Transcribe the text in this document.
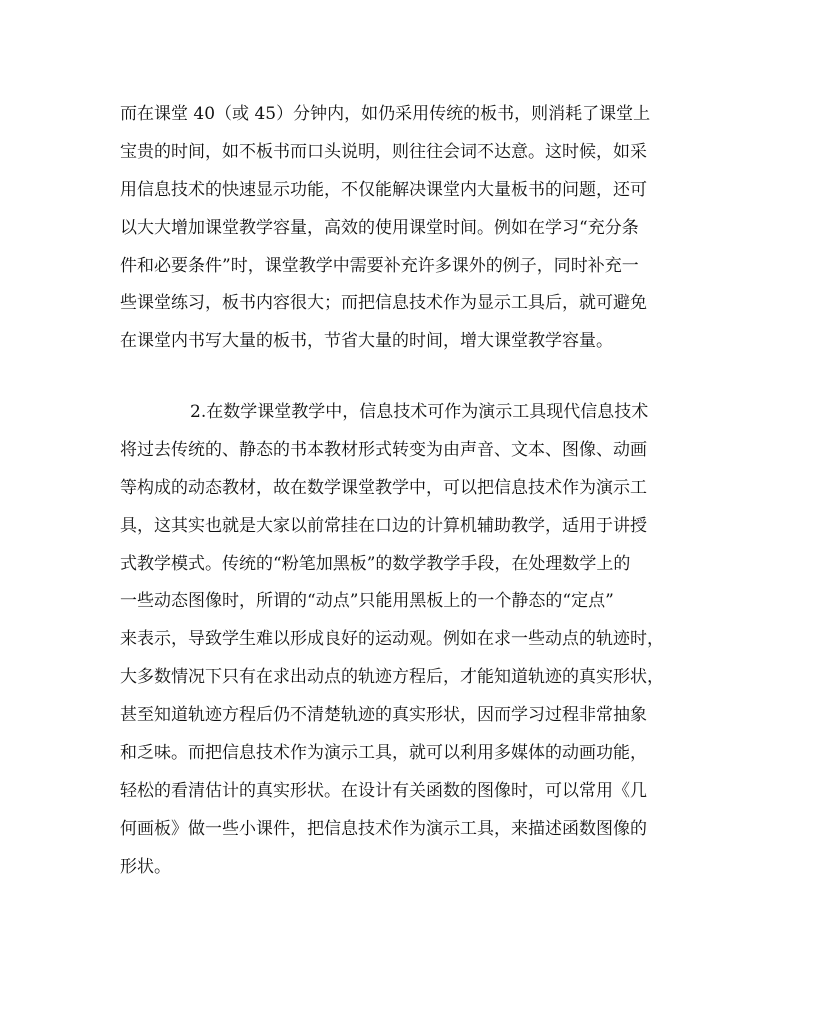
而在课堂 40（或 45）分钟内，如仍采用传统的板书，则消耗了课堂上
宝贵的时间，如不板书而口头说明，则往往会词不达意。这时候，如采
用信息技术的快速显示功能，不仅能解决课堂内大量板书的问题，还可
以大大增加课堂教学容量，高效的使用课堂时间。例如在学习“充分条
件和必要条件”时，课堂教学中需要补充许多课外的例子，同时补充一
些课堂练习，板书内容很大；而把信息技术作为显示工具后，就可避免
在课堂内书写大量的板书，节省大量的时间，增大课堂教学容量。
2.在数学课堂教学中，信息技术可作为演示工具现代信息技术
将过去传统的、静态的书本教材形式转变为由声音、文本、图像、动画
等构成的动态教材，故在数学课堂教学中，可以把信息技术作为演示工
具，这其实也就是大家以前常挂在口边的计算机辅助教学，适用于讲授
式教学模式。传统的“粉笔加黑板”的数学教学手段，在处理数学上的
一些动态图像时，所谓的“动点”只能用黑板上的一个静态的“定点”
来表示，导致学生难以形成良好的运动观。例如在求一些动点的轨迹时，
大多数情况下只有在求出动点的轨迹方程后，才能知道轨迹的真实形状，
甚至知道轨迹方程后仍不清楚轨迹的真实形状，因而学习过程非常抽象
和乏味。而把信息技术作为演示工具，就可以利用多媒体的动画功能，
轻松的看清估计的真实形状。在设计有关函数的图像时，可以常用《几
何画板》做一些小课件，把信息技术作为演示工具，来描述函数图像的
形状。
